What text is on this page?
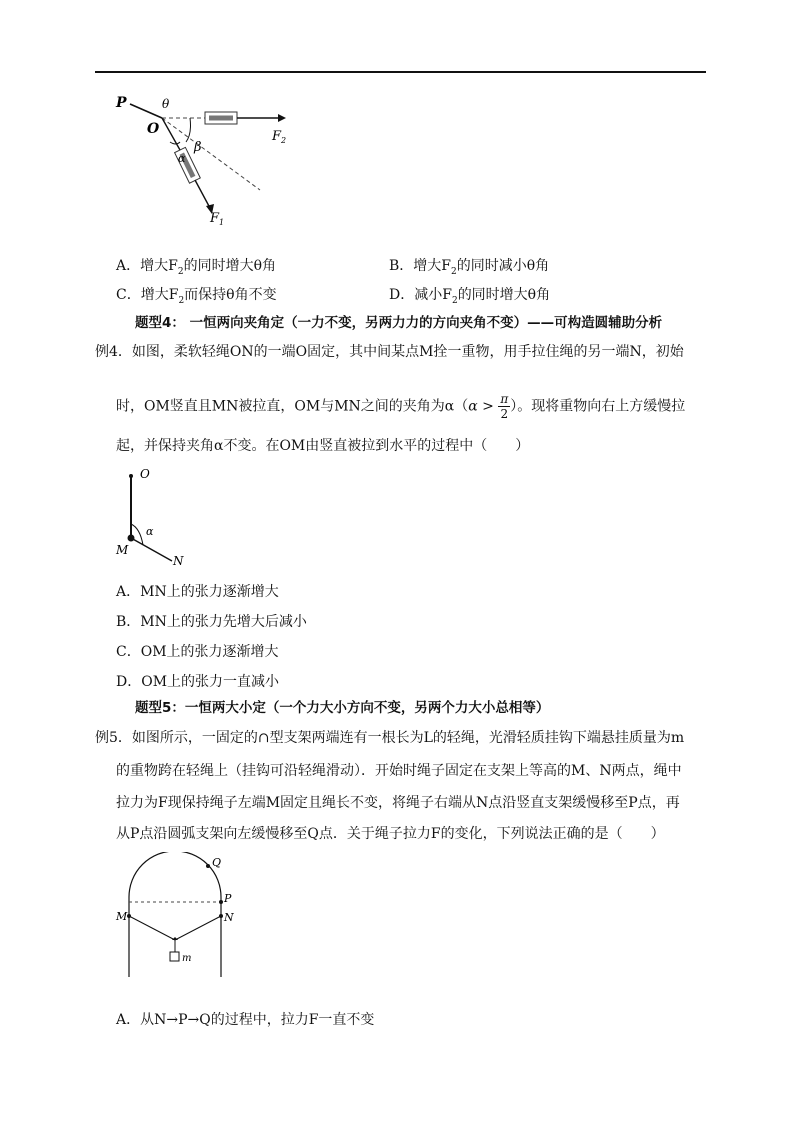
P	θ
O
β
α
$F_2$
$F_1$
A．增大$F_2$的同时增大θ角	B．增大$F_2$的同时减小θ角
C．增大$F_2$而保持θ角不变	D．减小$F_2$的同时增大θ角
题型4： 一恒两向夹角定（一力不变，另两力力的方向夹角不变）——可构造圆辅助分析
例4．如图，柔软轻绳ON的一端O固定，其中间某点M拴一重物，用手拉住绳的另一端N，初始
时，OM竖直且MN被拉直，OM与MN之间的夹角为$\alpha(\alpha > \frac{\pi}{2}$ ）。现将重物向右上方缓慢拉
起，并保持夹角α不变。在OM由竖直被拉到水平的过程中（　　）
O
α
M
N
A．MN上的张力逐渐增大
B．MN上的张力先增大后减小
C．OM上的张力逐渐增大
D．OM上的张力一直减小
题型5：一恒两大小定（一个力大小方向不变，另两个力大小总相等）
例5．如图所示，一固定的∩型支架两端连有一根长为L的轻绳，光滑轻质挂钩下端悬挂质量为m
的重物跨在轻绳上（挂钩可沿轻绳滑动）．开始时绳子固定在支架上等高的M、N两点，绳中
拉力为F现保持绳子左端M固定且绳长不变，将绳子右端从N点沿竖直支架缓慢移至P点，再
从P点沿圆弧支架向左缓慢移至Q点．关于绳子拉力F的变化，下列说法正确的是（　　）
Q
P
M	N
m
A．从N→P→Q的过程中，拉力F一直不变
